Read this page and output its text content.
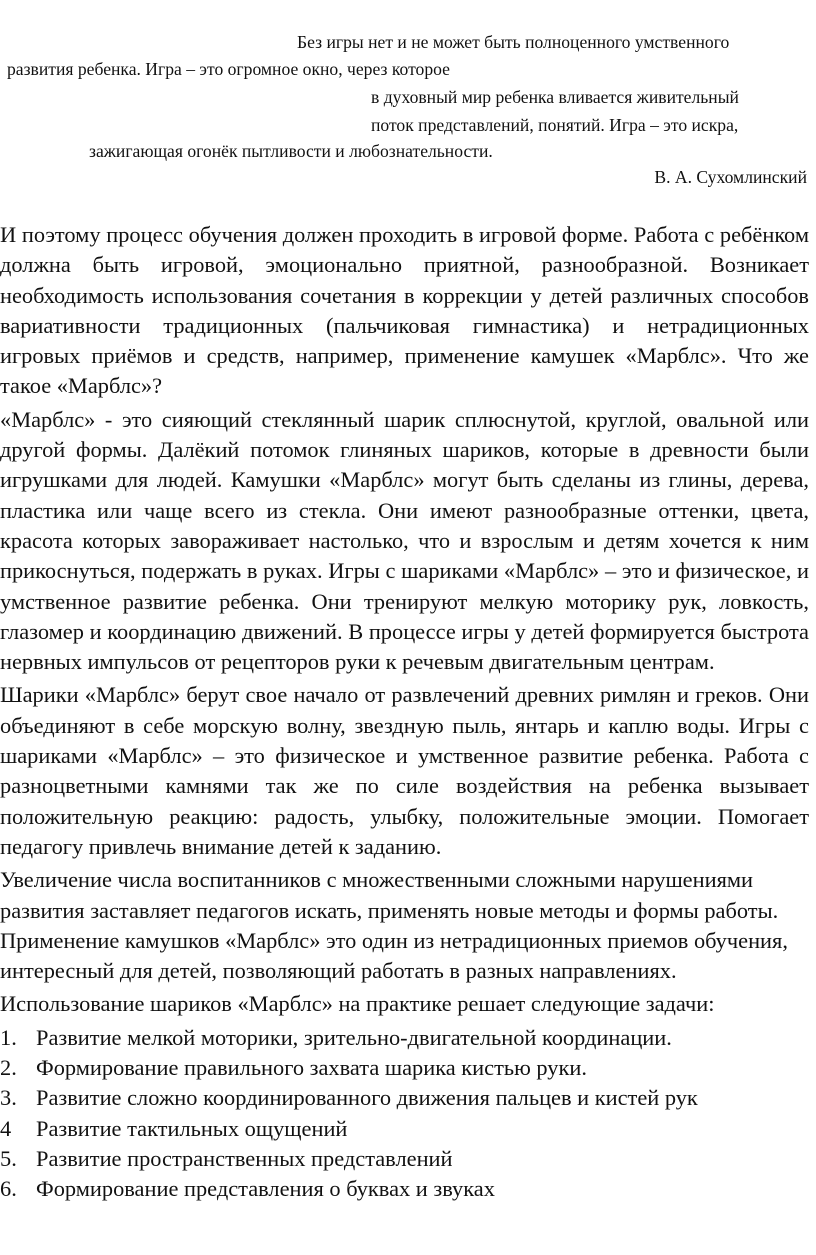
Без игры нет и не может быть полноценного умственного

развития ребенка. Игра – это огромное окно, через которое

в духовный мир ребенка вливается живительный

поток представлений, понятий. Игра – это искра,

зажигающая огонёк пытливости и любознательности.

В. А. Сухомлинский

И поэтому процесс обучения должен проходить в игровой форме. Работа с ребёнком должна быть игровой, эмоционально приятной, разнообразной. Возникает необходимость использования сочетания в коррекции у детей различных способов вариативности традиционных (пальчиковая гимнастика) и нетрадиционных игровых приёмов и средств, например, применение камушек «Марблс». Что же такое «Марблс»?

«Марблс» - это сияющий стеклянный шарик сплюснутой, круглой, овальной или другой формы. Далёкий потомок глиняных шариков, которые в древности были игрушками для людей. Камушки «Марблс» могут быть сделаны из глины, дерева, пластика или чаще всего из стекла. Они имеют разнообразные оттенки, цвета, красота которых завораживает настолько, что и взрослым и детям хочется к ним прикоснуться, подержать в руках. Игры с шариками «Марблс» – это и физическое, и умственное развитие ребенка. Они тренируют мелкую моторику рук, ловкость, глазомер и координацию движений. В процессе игры у детей формируется быстрота нервных импульсов от рецепторов руки к речевым двигательным центрам.

Шарики «Марблс» берут свое начало от развлечений древних римлян и греков. Они объединяют в себе морскую волну, звездную пыль, янтарь и каплю воды. Игры с шариками «Марблс» – это физическое и умственное развитие ребенка. Работа с разноцветными камнями так же по силе воздействия на ребенка вызывает положительную реакцию: радость, улыбку, положительные эмоции. Помогает педагогу привлечь внимание детей к заданию.

Увеличение числа воспитанников с множественными сложными нарушениями развития заставляет педагогов искать, применять новые методы и формы работы. Применение камушков «Марблс» это один из нетрадиционных приемов обучения, интересный для детей, позволяющий работать в разных направлениях.

Использование шариков «Марблс» на практике решает следующие задачи:

1. Развитие мелкой моторики, зрительно-двигательной координации.
2. Формирование правильного захвата шарика кистью руки.
3. Развитие сложно координированного движения пальцев и кистей рук
4 Развитие тактильных ощущений
5. Развитие пространственных представлений
6. Формирование представления о буквах и звуках
